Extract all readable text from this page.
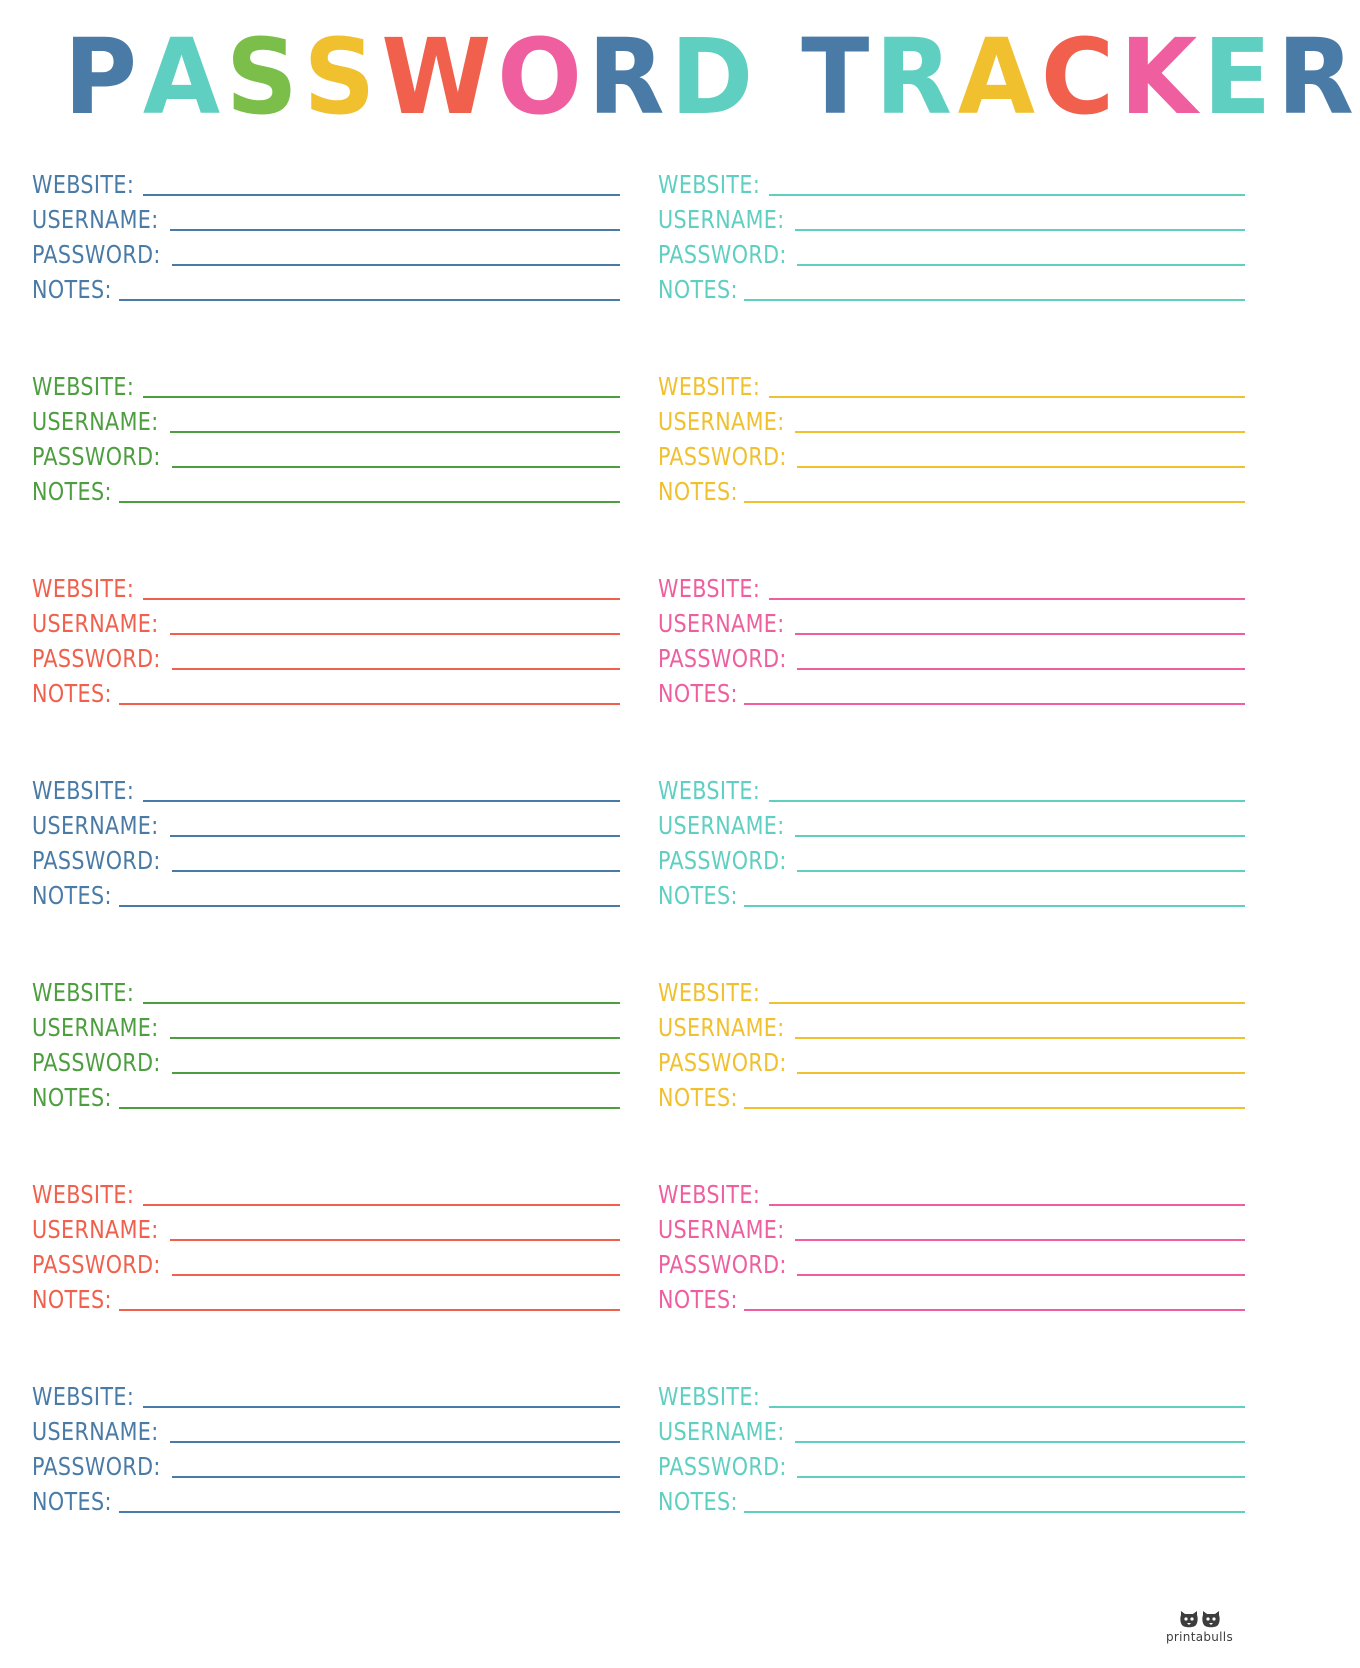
PASSWORD TRACKER
WEBSITE:
USERNAME:
PASSWORD:
NOTES:
WEBSITE:
USERNAME:
PASSWORD:
NOTES:
WEBSITE:
USERNAME:
PASSWORD:
NOTES:
WEBSITE:
USERNAME:
PASSWORD:
NOTES:
WEBSITE:
USERNAME:
PASSWORD:
NOTES:
WEBSITE:
USERNAME:
PASSWORD:
NOTES:
WEBSITE:
USERNAME:
PASSWORD:
NOTES:
WEBSITE:
USERNAME:
PASSWORD:
NOTES:
WEBSITE:
USERNAME:
PASSWORD:
NOTES:
WEBSITE:
USERNAME:
PASSWORD:
NOTES:
WEBSITE:
USERNAME:
PASSWORD:
NOTES:
WEBSITE:
USERNAME:
PASSWORD:
NOTES:
WEBSITE:
USERNAME:
PASSWORD:
NOTES:
WEBSITE:
USERNAME:
PASSWORD:
NOTES:
printabulls
